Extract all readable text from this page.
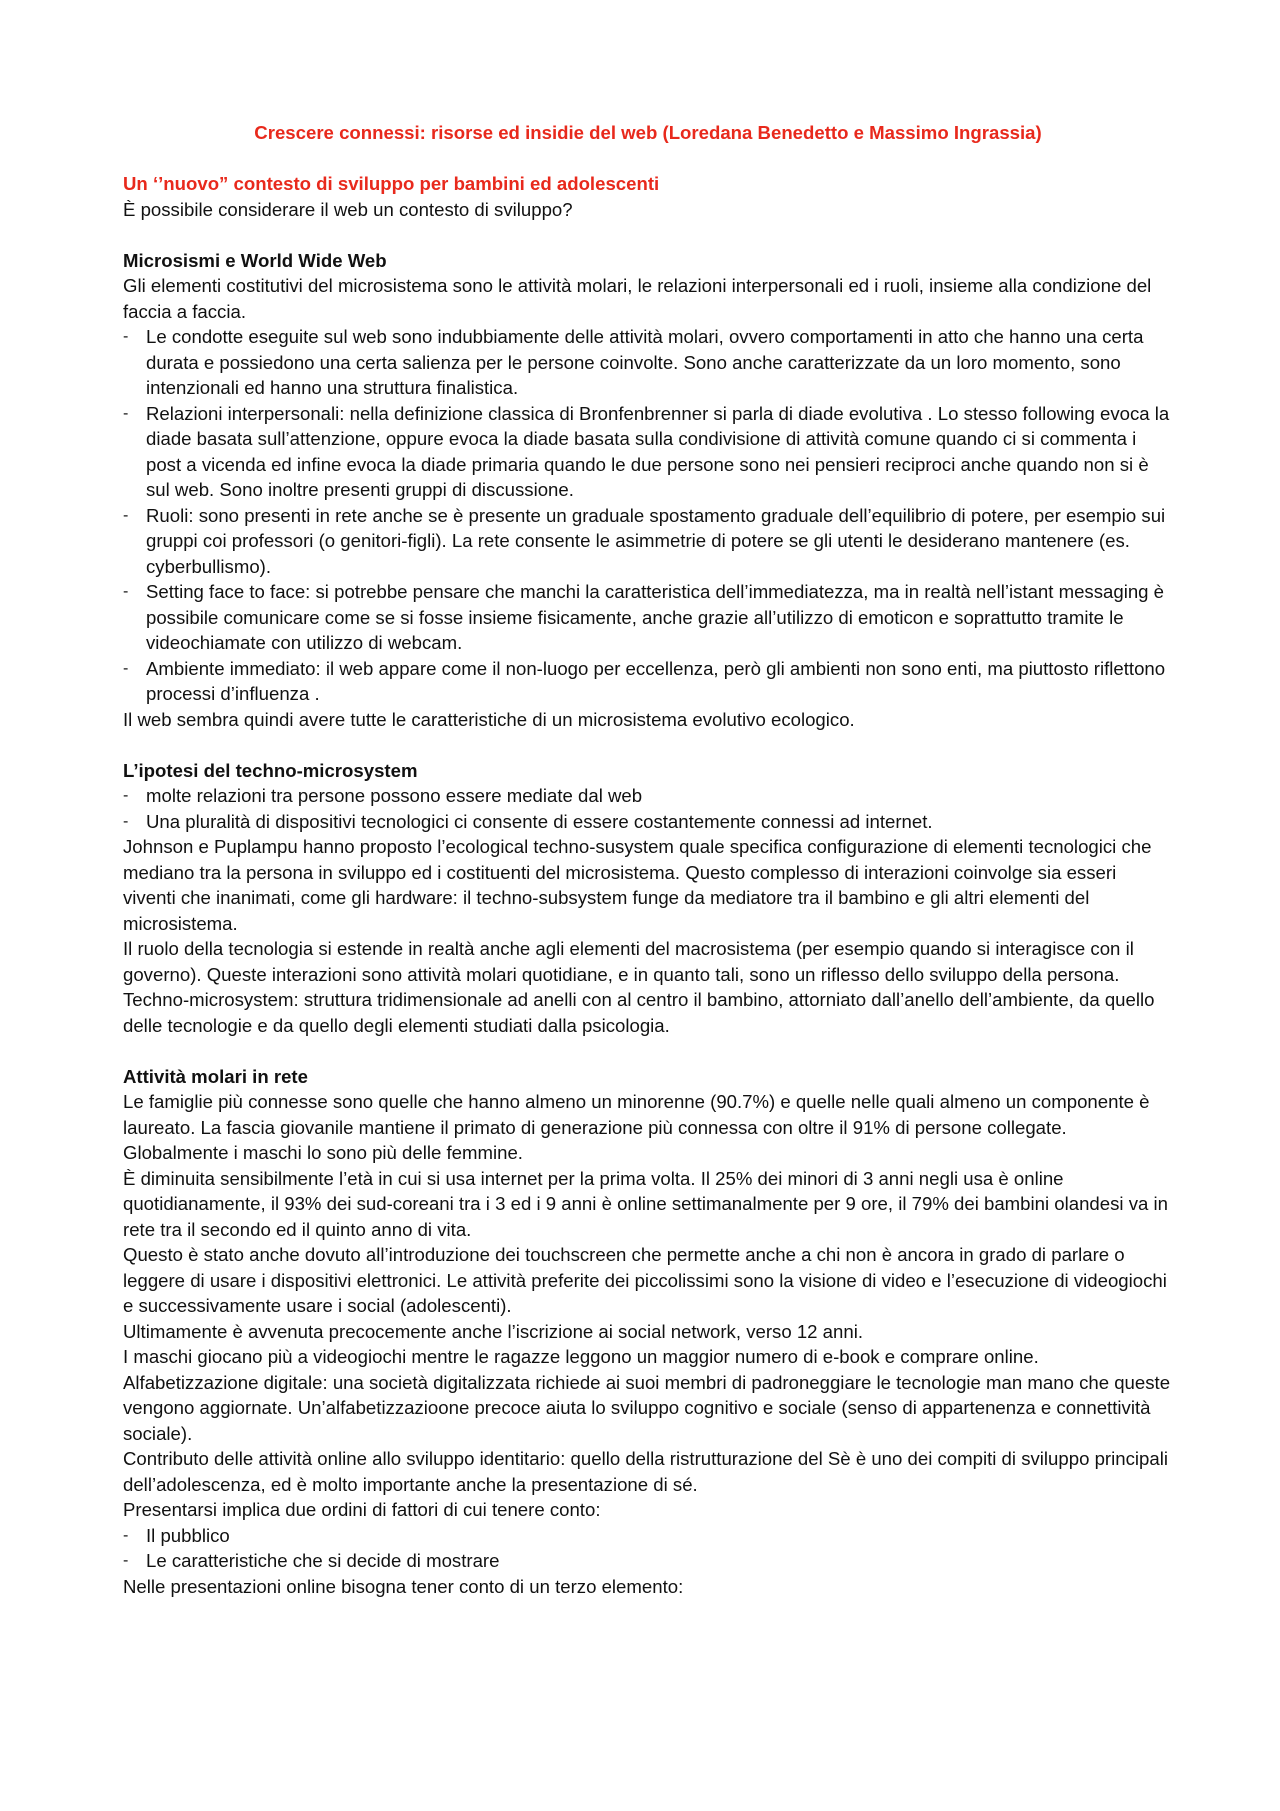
Crescere connessi: risorse ed insidie del web (Loredana Benedetto e Massimo Ingrassia)
Un ‘’nuovo” contesto di sviluppo per bambini ed adolescenti

È possibile considerare il web un contesto di sviluppo?

Microsismi e World Wide Web

Gli elementi costitutivi del microsistema sono le attività molari, le relazioni interpersonali ed i ruoli, insieme alla condizione del faccia a faccia.

- Le condotte eseguite sul web sono indubbiamente delle attività molari, ovvero comportamenti in atto che hanno una certa durata e possiedono una certa salienza per le persone coinvolte. Sono anche caratterizzate da un loro momento, sono intenzionali ed hanno una struttura finalistica.
- Relazioni interpersonali: nella definizione classica di Bronfenbrenner si parla di diade evolutiva . Lo stesso following evoca la diade basata sull’attenzione, oppure evoca la diade basata sulla condivisione di attività comune quando ci si commenta i post a vicenda ed infine evoca la diade primaria quando le due persone sono nei pensieri reciproci anche quando non si è sul web. Sono inoltre presenti gruppi di discussione.
- Ruoli: sono presenti in rete anche se è presente un graduale spostamento graduale dell’equilibrio di potere, per esempio sui gruppi coi professori (o genitori-figli). La rete consente le asimmetrie di potere se gli utenti le desiderano mantenere (es. cyberbullismo).
- Setting face to face: si potrebbe pensare che manchi la caratteristica dell’immediatezza, ma in realtà nell’istant messaging è possibile comunicare come se si fosse insieme fisicamente, anche grazie all’utilizzo di emoticon e soprattutto tramite le videochiamate con utilizzo di webcam.
- Ambiente immediato: il web appare come il non-luogo per eccellenza, però gli ambienti non sono enti, ma piuttosto riflettono processi d’influenza .

Il web sembra quindi avere tutte le caratteristiche di un microsistema evolutivo ecologico.

L’ipotesi del techno-microsystem
- molte relazioni tra persone possono essere mediate dal web
- Una pluralità di dispositivi tecnologici ci consente di essere costantemente connessi ad internet.

Johnson e Puplampu hanno proposto l’ecological techno-susystem quale specifica configurazione di elementi tecnologici che mediano tra la persona in sviluppo ed i costituenti del microsistema. Questo complesso di interazioni coinvolge sia esseri viventi che inanimati, come gli hardware: il techno-subsystem funge da mediatore tra il bambino e gli altri elementi del microsistema.

Il ruolo della tecnologia si estende in realtà anche agli elementi del macrosistema (per esempio quando si interagisce con il governo). Queste interazioni sono attività molari quotidiane, e in quanto tali, sono un riflesso dello sviluppo della persona.

Techno-microsystem: struttura tridimensionale ad anelli con al centro il bambino, attorniato dall’anello dell’ambiente, da quello delle tecnologie e da quello degli elementi studiati dalla psicologia.

Attività molari in rete

Le famiglie più connesse sono quelle che hanno almeno un minorenne (90.7%) e quelle nelle quali almeno un componente è laureato. La fascia giovanile mantiene il primato di generazione più connessa con oltre il 91% di persone collegate. Globalmente i maschi lo sono più delle femmine.

È diminuita sensibilmente l’età in cui si usa internet per la prima volta. Il 25% dei minori di 3 anni negli usa è online quotidianamente, il 93% dei sud-coreani tra i 3 ed i 9 anni è online settimanalmente per 9 ore, il 79% dei bambini olandesi va in rete tra il secondo ed il quinto anno di vita.

Questo è stato anche dovuto all’introduzione dei touchscreen che permette anche a chi non è ancora in grado di parlare o leggere di usare i dispositivi elettronici. Le attività preferite dei piccolissimi sono la visione di video e l’esecuzione di videogiochi e successivamente usare i social (adolescenti).

Ultimamente è avvenuta precocemente anche l’iscrizione ai social network, verso 12 anni.

I maschi giocano più a videogiochi mentre le ragazze leggono un maggior numero di e-book e comprare online.

Alfabetizzazione digitale: una società digitalizzata richiede ai suoi membri di padroneggiare le tecnologie man mano che queste vengono aggiornate. Un’alfabetizzazioone precoce aiuta lo sviluppo cognitivo e sociale (senso di appartenenza e connettività sociale).

Contributo delle attività online allo sviluppo identitario: quello della ristrutturazione del Sè è uno dei compiti di sviluppo principali dell’adolescenza, ed è molto importante anche la presentazione di sé.

Presentarsi implica due ordini di fattori di cui tenere conto:

- Il pubblico
- Le caratteristiche che si decide di mostrare

Nelle presentazioni online bisogna tener conto di un terzo elemento:
